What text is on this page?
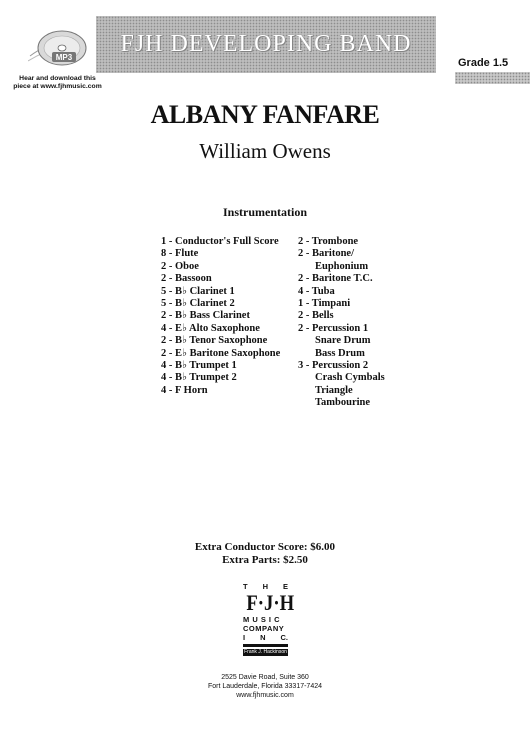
MP3
Hear and download this
piece at www.fjhmusic.com
FJH DEVELOPING BAND
Grade 1.5
ALBANY FANFARE
William Owens
Instrumentation
1 - Conductor's Full Score
8 - Flute
2 - Oboe
2 - Bassoon
5 - B♭ Clarinet 1
5 - B♭ Clarinet 2
2 - B♭ Bass Clarinet
4 - E♭ Alto Saxophone
2 - B♭ Tenor Saxophone
2 - E♭ Baritone Saxophone
4 - B♭ Trumpet 1
4 - B♭ Trumpet 2
4 - F Horn
2 - Trombone
2 - Baritone/
Euphonium
2 - Baritone T.C.
4 - Tuba
1 - Timpani
2 - Bells
2 - Percussion 1
Snare Drum
Bass Drum
3 - Percussion 2
Crash Cymbals
Triangle
Tambourine
Extra Conductor Score: $6.00
Extra Parts: $2.50
T H E
F·J·H
M U S I C
COMPANY
I N C.
Frank J. Hackinson
2525 Davie Road, Suite 360
Fort Lauderdale, Florida 33317-7424
www.fjhmusic.com
